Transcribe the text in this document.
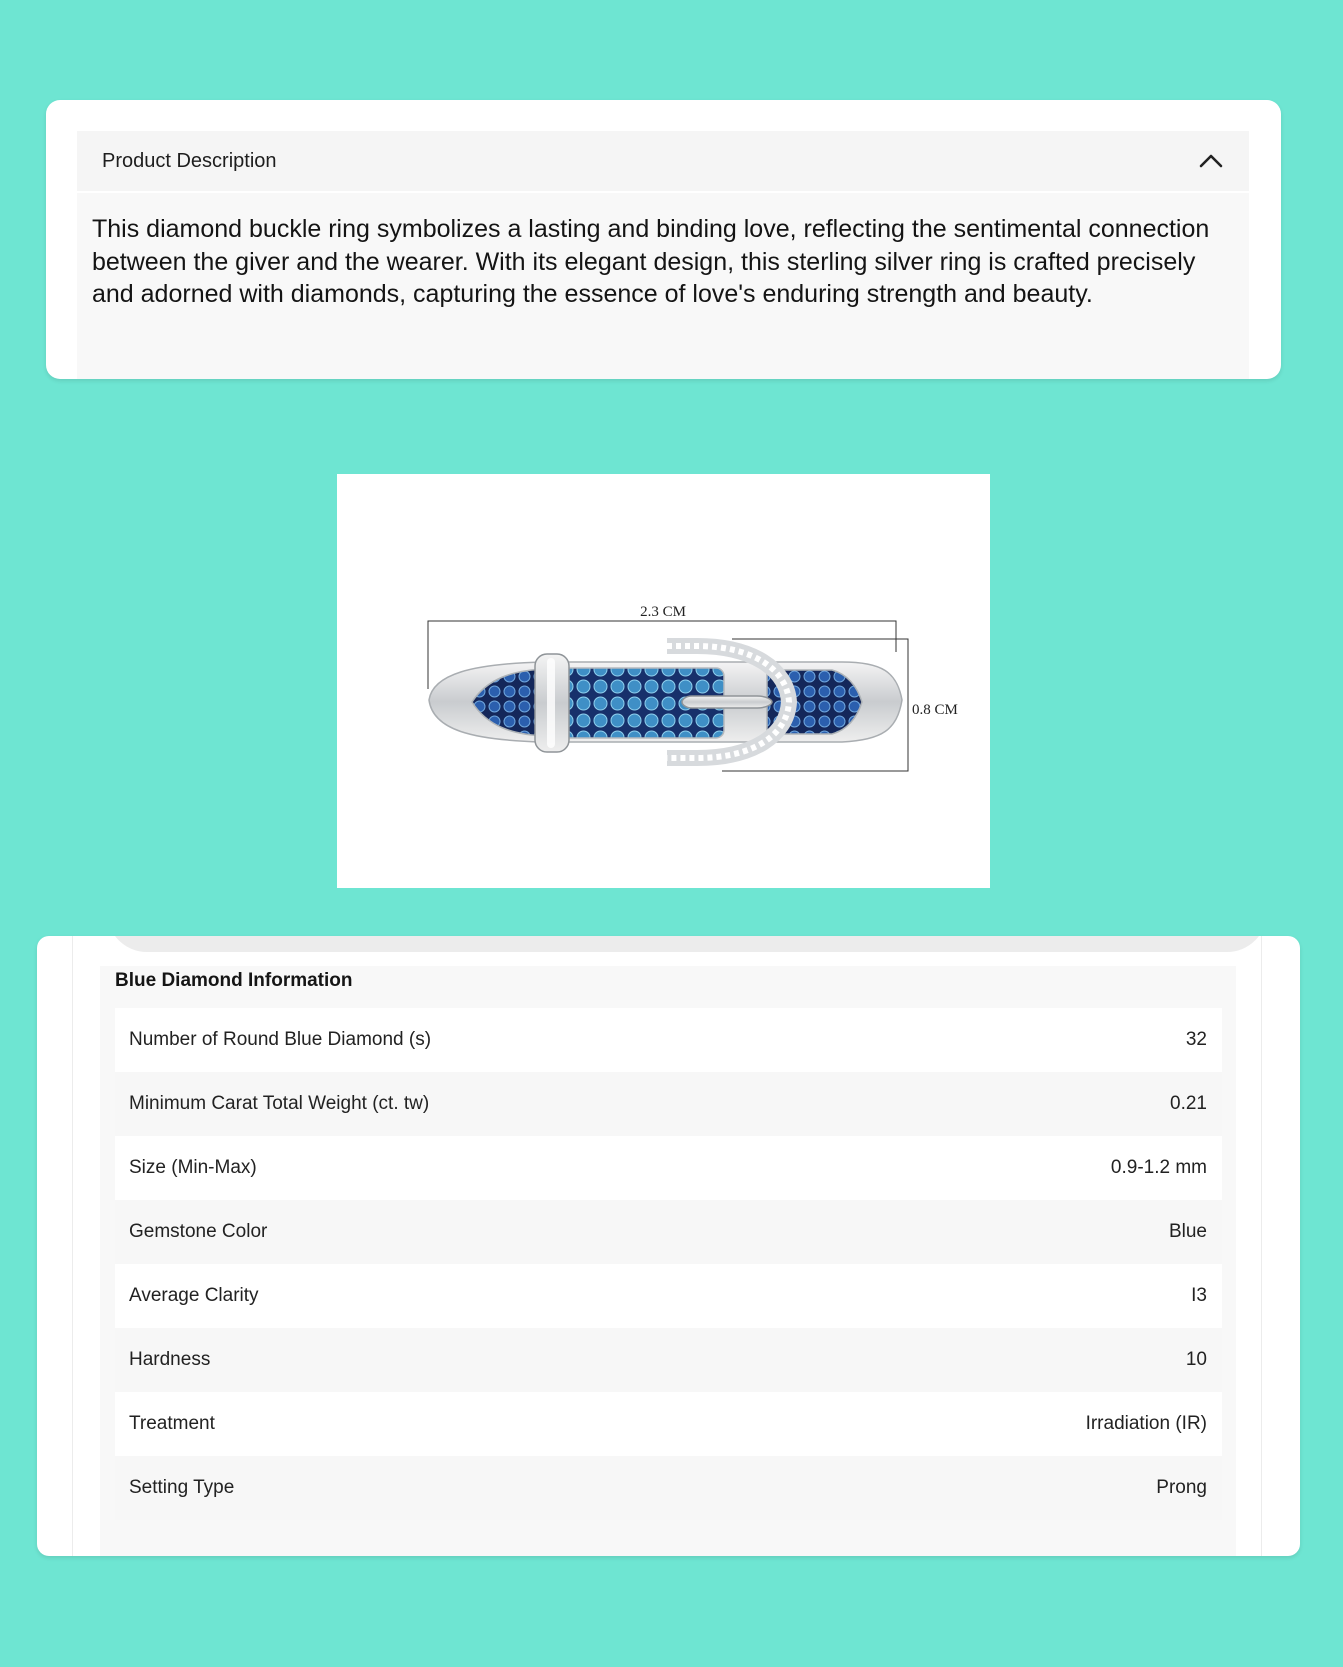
Product Description

This diamond buckle ring symbolizes a lasting and binding love, reflecting the sentimental connection between the giver and the wearer. With its elegant design, this sterling silver ring is crafted precisely and adorned with diamonds, capturing the essence of love's enduring strength and beauty.

2.3 CM
0.8 CM
Blue Diamond Information
Number of Round Blue Diamond (s)	32
Minimum Carat Total Weight (ct. tw)	0.21
Size (Min-Max)	0.9-1.2 mm
Gemstone Color	Blue
Average Clarity	I3
Hardness	10
Treatment	Irradiation (IR)
Setting Type	Prong
